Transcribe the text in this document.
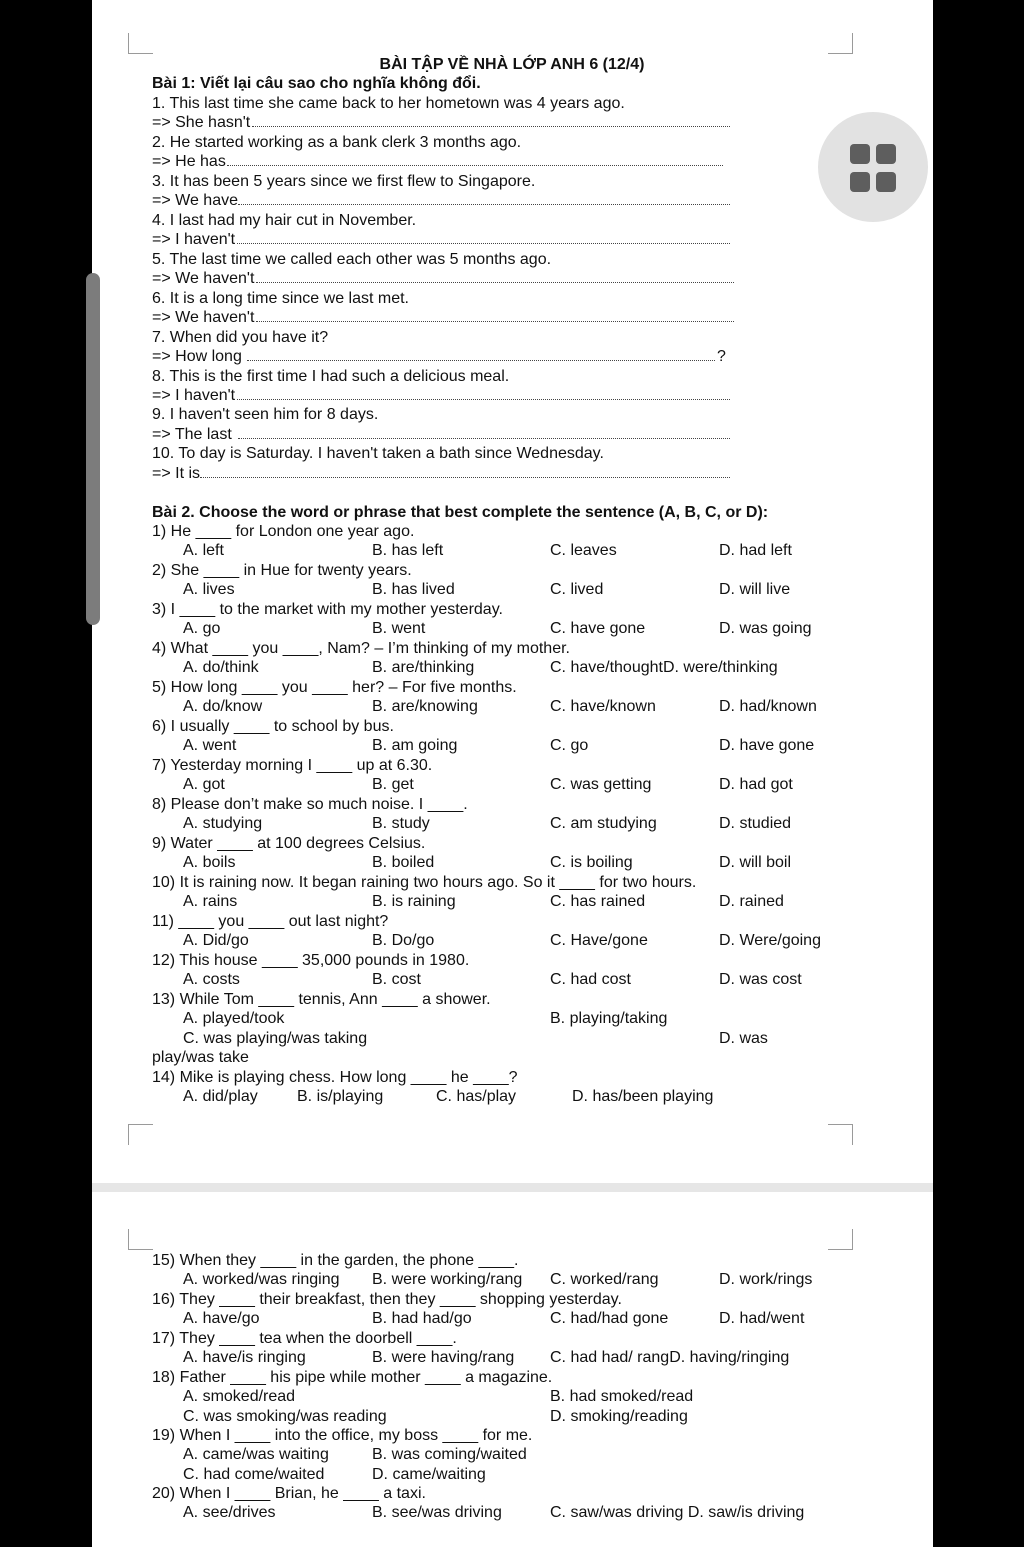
BÀI TẬP VỀ NHÀ LỚP ANH 6 (12/4)
Bài 1: Viết lại câu sao cho nghĩa không đổi.
1. This last time she came back to her hometown was 4 years ago.
=> She hasn't
2. He started working as a bank clerk 3 months ago.
=> He has
3. It has been 5 years since we first flew to Singapore.
=> We have
4. I last had my hair cut in November.
=> I haven't
5. The last time we called each other was 5 months ago.
=> We haven't
6. It is a long time since we last met.
=> We haven't
7. When did you have it?
=> How long	?
8. This is the first time I had such a delicious meal.
=> I haven't
9. I haven't seen him for 8 days.
=> The last
10. To day is Saturday. I haven't taken a bath since Wednesday.
=> It is
Bài 2. Choose the word or phrase that best complete the sentence (A, B, C, or D):
1) He ____ for London one year ago.
A. left	B. has left	C. leaves	D. had left
2) She ____ in Hue for twenty years.
A. lives	B. has lived	C. lived	D. will live
3) I ____ to the market with my mother yesterday.
A. go	B. went	C. have gone	D. was going
4) What ____ you ____, Nam? – I’m thinking of my mother.
A. do/think	B. are/thinking	C. have/thoughtD. were/thinking
5) How long ____ you ____ her? – For five months.
A. do/know	B. are/knowing	C. have/known	D. had/known
6) I usually ____ to school by bus.
A. went	B. am going	C. go	D. have gone
7) Yesterday morning I ____ up at 6.30.
A. got	B. get	C. was getting	D. had got
8) Please don’t make so much noise. I ____.
A. studying	B. study	C. am studying	D. studied
9) Water ____ at 100 degrees Celsius.
A. boils	B. boiled	C. is boiling	D. will boil
10) It is raining now. It began raining two hours ago. So it ____ for two hours.
A. rains	B. is raining	C. has rained	D. rained
11) ____ you ____ out last night?
A. Did/go	B. Do/go	C. Have/gone	D. Were/going
12) This house ____ 35,000 pounds in 1980.
A. costs	B. cost	C. had cost	D. was cost
13) While Tom ____ tennis, Ann ____ a shower.
A. played/took	B. playing/taking
C. was playing/was taking	D. was
play/was take
14) Mike is playing chess. How long ____ he ____?
A. did/play B. is/playing	C. has/play	D. has/been playing
15) When they ____ in the garden, the phone ____.
A. worked/was ringing B. were working/rang C. worked/rang	D. work/rings
16) They ____ their breakfast, then they ____ shopping yesterday.
A. have/go	B. had had/go	C. had/had gone	D. had/went
17) They ____ tea when the doorbell ____.
A. have/is ringing	B. were having/rang C. had had/ rangD. having/ringing
18) Father ____ his pipe while mother ____ a magazine.
A. smoked/read	B. had smoked/read
C. was smoking/was reading	D. smoking/reading
19) When I ____ into the office, my boss ____ for me.
A. came/was waiting	B. was coming/waited
C. had come/waited	D. came/waiting
20) When I ____ Brian, he ____ a taxi.
A. see/drives	B. see/was driving	C. saw/was driving D. saw/is driving
